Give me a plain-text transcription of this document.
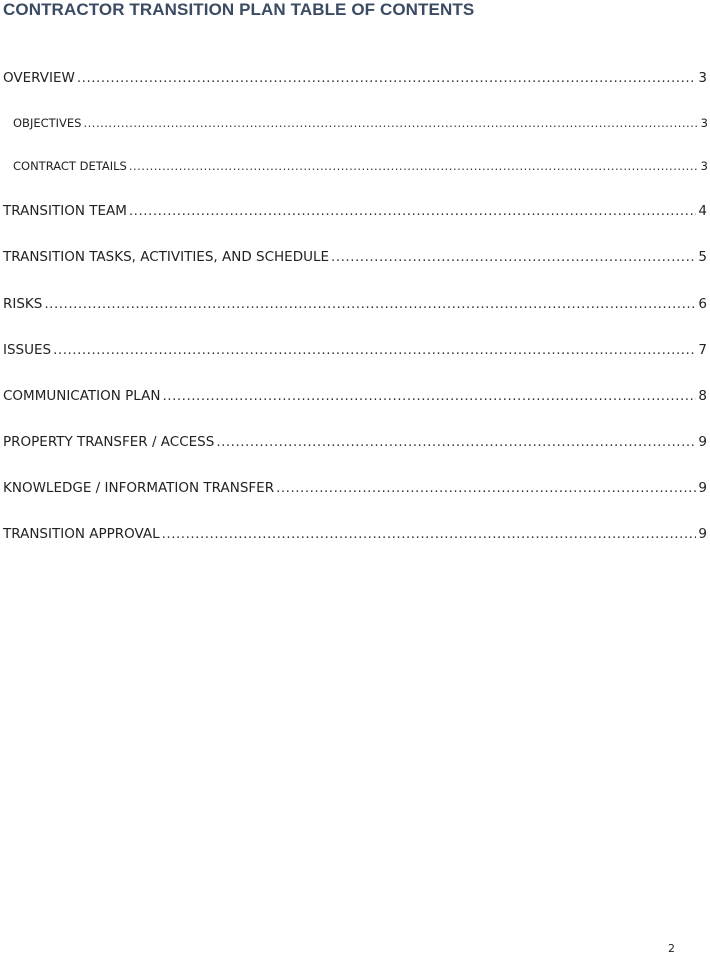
CONTRACTOR TRANSITION PLAN TABLE OF CONTENTS
OVERVIEW .....	3
OBJECTIVES .....	3
CONTRACT DETAILS .....	3
TRANSITION TEAM .....	4
TRANSITION TASKS, ACTIVITIES, AND SCHEDULE .....	5
RISKS .....	6
ISSUES .....	7
COMMUNICATION PLAN .....	8
PROPERTY TRANSFER / ACCESS .....	9
KNOWLEDGE / INFORMATION TRANSFER .....	9
TRANSITION APPROVAL .....	9
2
